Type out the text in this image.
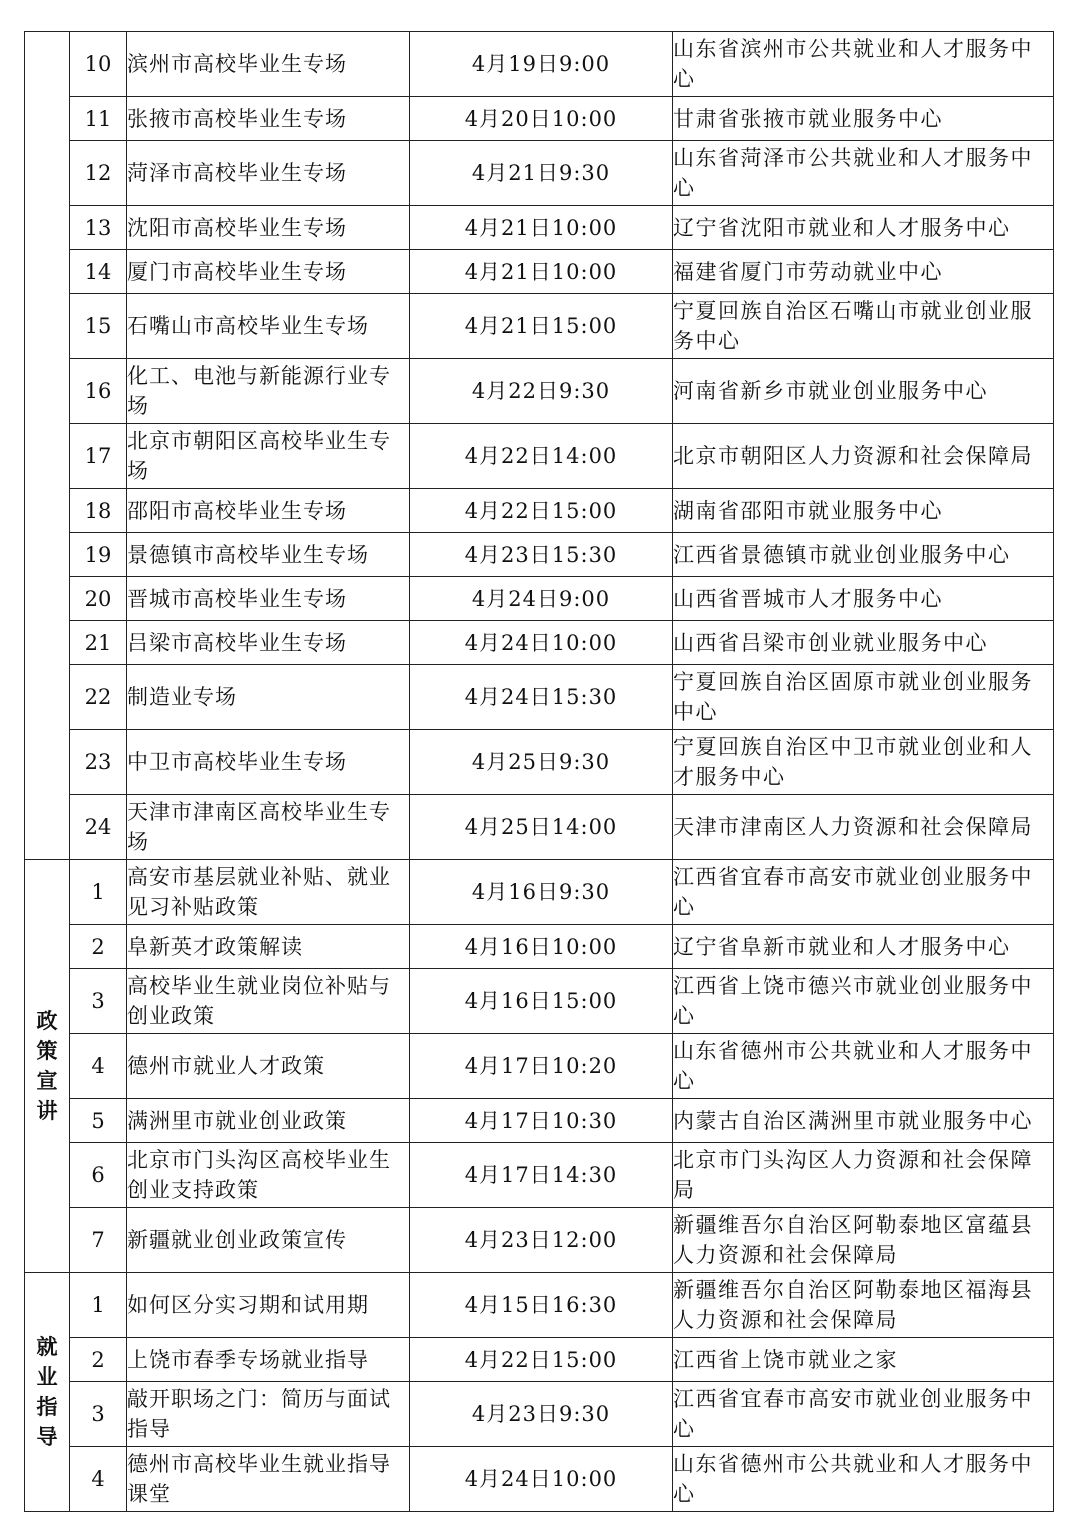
	10	滨州市高校毕业生专场	4月19日9:00	山东省滨州市公共就业和人才服务中心
	11	张掖市高校毕业生专场	4月20日10:00	甘肃省张掖市就业服务中心
	12	菏泽市高校毕业生专场	4月21日9:30	山东省菏泽市公共就业和人才服务中心
	13	沈阳市高校毕业生专场	4月21日10:00	辽宁省沈阳市就业和人才服务中心
	14	厦门市高校毕业生专场	4月21日10:00	福建省厦门市劳动就业中心
	15	石嘴山市高校毕业生专场	4月21日15:00	宁夏回族自治区石嘴山市就业创业服务中心
	16	化工、电池与新能源行业专场	4月22日9:30	河南省新乡市就业创业服务中心
	17	北京市朝阳区高校毕业生专场	4月22日14:00	北京市朝阳区人力资源和社会保障局
	18	邵阳市高校毕业生专场	4月22日15:00	湖南省邵阳市就业服务中心
	19	景德镇市高校毕业生专场	4月23日15:30	江西省景德镇市就业创业服务中心
	20	晋城市高校毕业生专场	4月24日9:00	山西省晋城市人才服务中心
	21	吕梁市高校毕业生专场	4月24日10:00	山西省吕梁市创业就业服务中心
	22	制造业专场	4月24日15:30	宁夏回族自治区固原市就业创业服务中心
	23	中卫市高校毕业生专场	4月25日9:30	宁夏回族自治区中卫市就业创业和人才服务中心
	24	天津市津南区高校毕业生专场	4月25日14:00	天津市津南区人力资源和社会保障局
政策宣讲	1	高安市基层就业补贴、就业见习补贴政策	4月16日9:30	江西省宜春市高安市就业创业服务中心
	2	阜新英才政策解读	4月16日10:00	辽宁省阜新市就业和人才服务中心
	3	高校毕业生就业岗位补贴与创业政策	4月16日15:00	江西省上饶市德兴市就业创业服务中心
	4	德州市就业人才政策	4月17日10:20	山东省德州市公共就业和人才服务中心
	5	满洲里市就业创业政策	4月17日10:30	内蒙古自治区满洲里市就业服务中心
	6	北京市门头沟区高校毕业生创业支持政策	4月17日14:30	北京市门头沟区人力资源和社会保障局
	7	新疆就业创业政策宣传	4月23日12:00	新疆维吾尔自治区阿勒泰地区富蕴县人力资源和社会保障局
就业指导	1	如何区分实习期和试用期	4月15日16:30	新疆维吾尔自治区阿勒泰地区福海县人力资源和社会保障局
	2	上饶市春季专场就业指导	4月22日15:00	江西省上饶市就业之家
	3	敲开职场之门：简历与面试指导	4月23日9:30	江西省宜春市高安市就业创业服务中心
	4	德州市高校毕业生就业指导课堂	4月24日10:00	山东省德州市公共就业和人才服务中心
